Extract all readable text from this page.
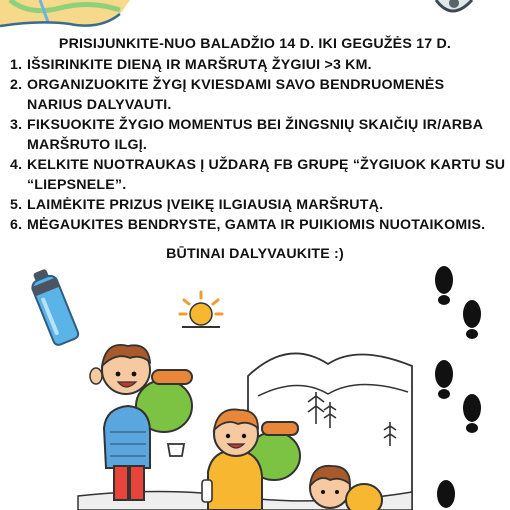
PRISIJUNKITE-NUO BALADŽIO 14 D. IKI GEGUŽĖS 17 D.
1. IŠSIRINKITE DIENĄ IR MARŠRUTĄ ŽYGIUI >3 KM.
2. ORGANIZUOKITE ŽYGĮ KVIESDAMI SAVO BENDRUOMENĖS
NARIUS DALYVAUTI.
3. FIKSUOKITE ŽYGIO MOMENTUS BEI ŽINGSNIŲ SKAIČIŲ IR/ARBA
MARŠRUTO ILGĮ.
4. KELKITE NUOTRAUKAS Į UŽDARĄ FB GRUPĘ “ŽYGIUOK KARTU SU
“LIEPSNELE”.
5. LAIMĖKITE PRIZUS ĮVEIKĘ ILGIAUSIĄ MARŠRUTĄ.
6. MĖGAUKITES BENDRYSTE, GAMTA IR PUIKIOMIS NUOTAIKOMIS.
BŪTINAI DALYVAUKITE :)
